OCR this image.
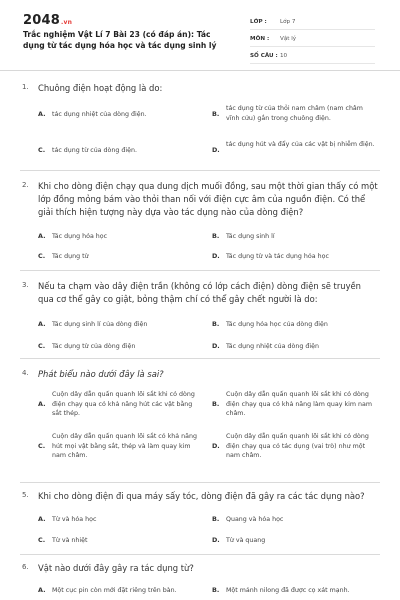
2048.vn
Trắc nghiệm Vật Lí 7 Bài 23 (có đáp án): Tác dụng từ tác dụng hóa học và tác dụng sinh lý
LỚP :	Lớp 7
MÔN :	Vật lý
SỐ CÂU : 10
1. Chuông điện hoạt động là do:
A. tác dụng nhiệt của dòng điện.	B.
tác dụng từ của thỏi nam châm (nam châm vĩnh cửu) gắn trong chuông điện.
C. tác dụng từ của dòng điện.	D.
tác dụng hút và đẩy của các vật bị nhiễm điện.
2. Khi cho dòng điện chạy qua dung dịch muối đồng, sau một thời gian thấy có một lớp đồng mỏng bám vào thỏi than nối với điện cực âm của nguồn điện. Có thể giải thích hiện tượng này dựa vào tác dụng nào của dòng điện?
A. Tác dụng hóa học	B. Tác dụng sinh lí
C. Tác dụng từ	D. Tác dụng từ và tác dụng hóa học
3. Nếu ta chạm vào dây điện trần (không có lớp cách điện) dòng điện sẽ truyền qua cơ thể gây co giật, bỏng thậm chí có thể gây chết người là do:
A. Tác dụng sinh lí của dòng điện	B. Tác dụng hóa học của dòng điện
C. Tác dụng từ của dòng điện	D. Tác dụng nhiệt của dòng điện
4. Phát biểu nào dưới đây là sai?
A.
Cuộn dây dẫn quấn quanh lõi sắt khi có dòng điện chạy qua có khả năng hút các vật bằng sắt thép.
B.
Cuộn dây dẫn quấn quanh lõi sắt khi có dòng điện chạy qua có khả năng làm quay kim nam châm.
C.
Cuộn dây dẫn quấn quanh lõi sắt có khả năng hút mọi vật bằng sắt, thép và làm quay kim nam châm.
D.
Cuộn dây dẫn quấn quanh lõi sắt khi có dòng điện chạy qua có tác dụng (vai trò) như một nam châm.
5. Khi cho dòng điện đi qua máy sấy tóc, dòng điện đã gây ra các tác dụng nào?
A. Từ và hóa học	B. Quang và hóa học
C. Từ và nhiệt	D. Từ và quang
6. Vật nào dưới đây gây ra tác dụng từ?
A. Một cục pin còn mới đặt riêng trên bàn.	B. Một mảnh nilong đã được cọ xát mạnh.
